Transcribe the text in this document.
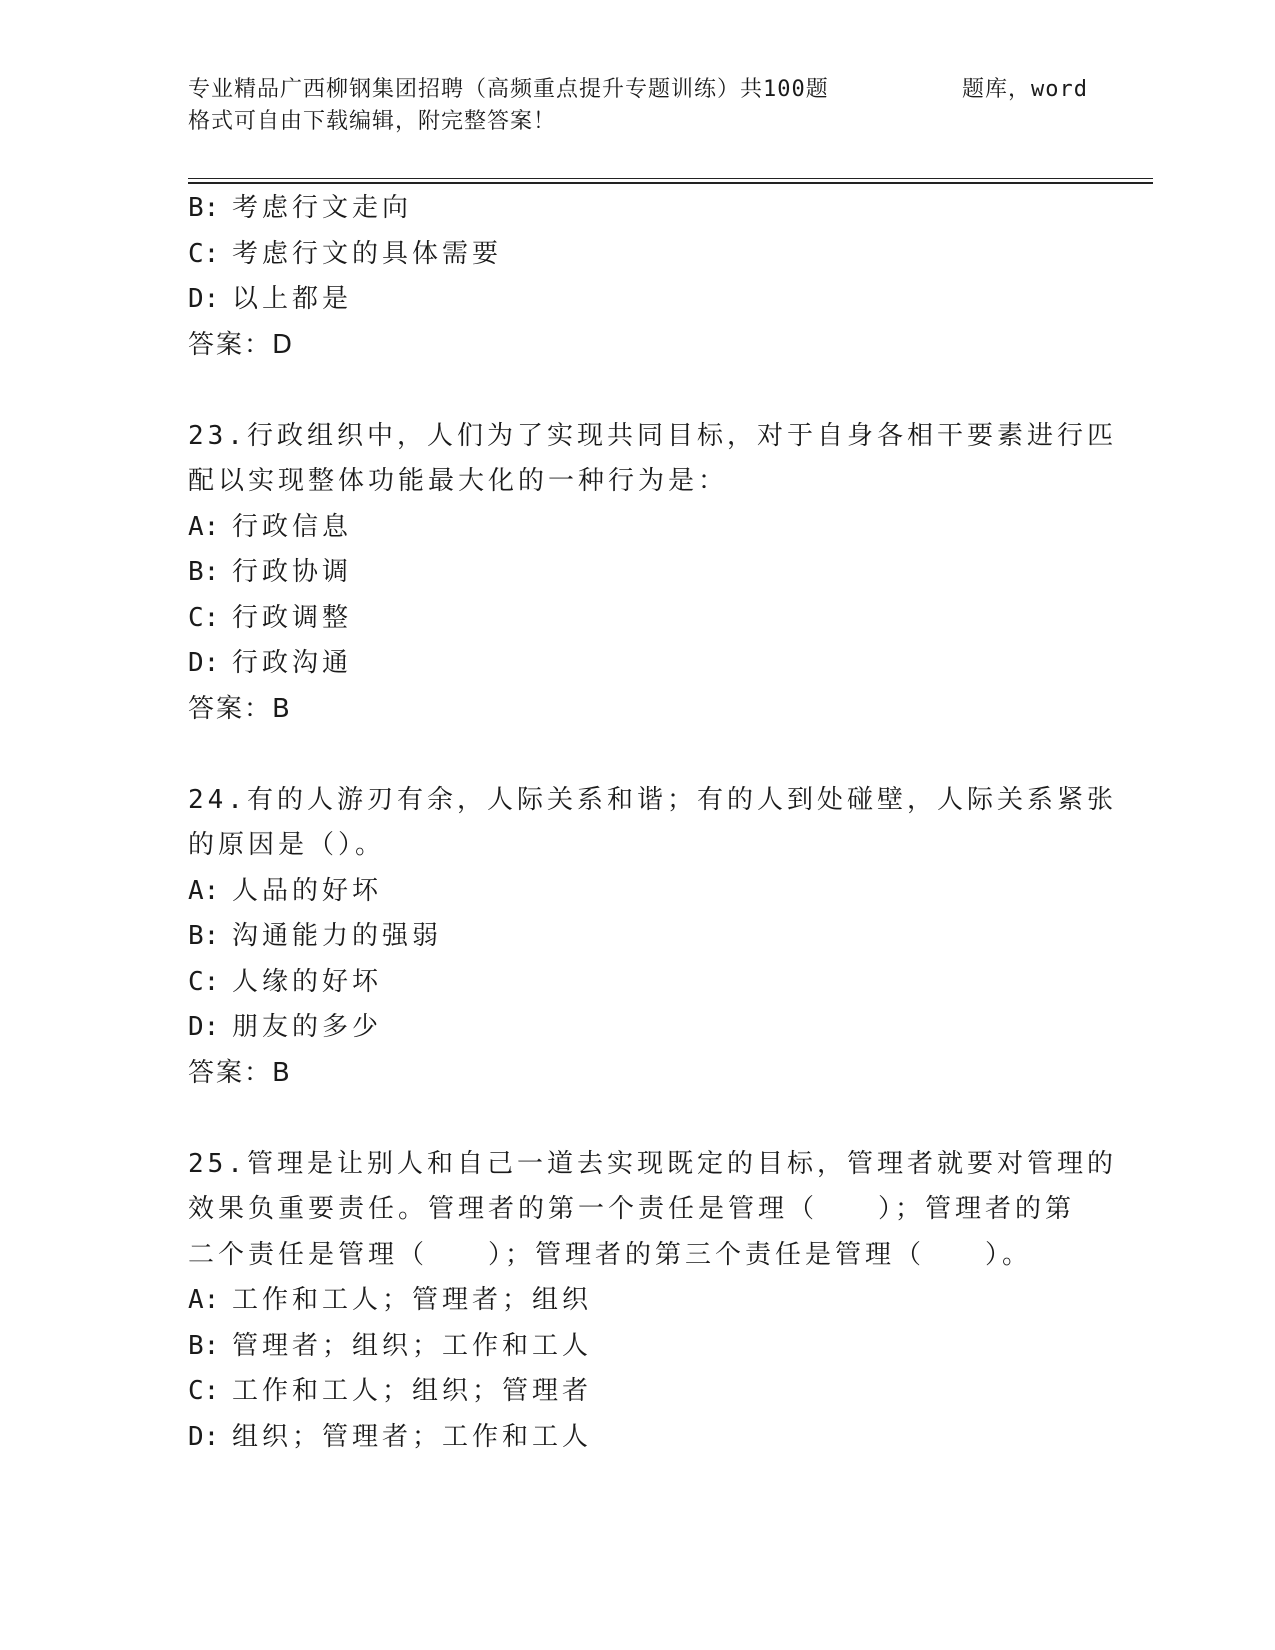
专业精品广西柳钢集团招聘（高频重点提升专题训练）共100题	题库，word
格式可自由下载编辑，附完整答案！
B: 考虑行文走向
C: 考虑行文的具体需要
D: 以上都是
答案：D
23.行政组织中，人们为了实现共同目标，对于自身各相干要素进行匹
配以实现整体功能最大化的一种行为是：
A: 行政信息
B: 行政协调
C: 行政调整
D: 行政沟通
答案：B
24.有的人游刃有余，人际关系和谐；有的人到处碰壁，人际关系紧张
的原因是（）。
A: 人品的好坏
B: 沟通能力的强弱
C: 人缘的好坏
D: 朋友的多少
答案：B
25.管理是让别人和自己一道去实现既定的目标，管理者就要对管理的
效果负重要责任。管理者的第一个责任是管理（　　）；管理者的第
二个责任是管理（　　）；管理者的第三个责任是管理（　　）。
A: 工作和工人；管理者；组织
B: 管理者；组织；工作和工人
C: 工作和工人；组织；管理者
D: 组织；管理者；工作和工人
